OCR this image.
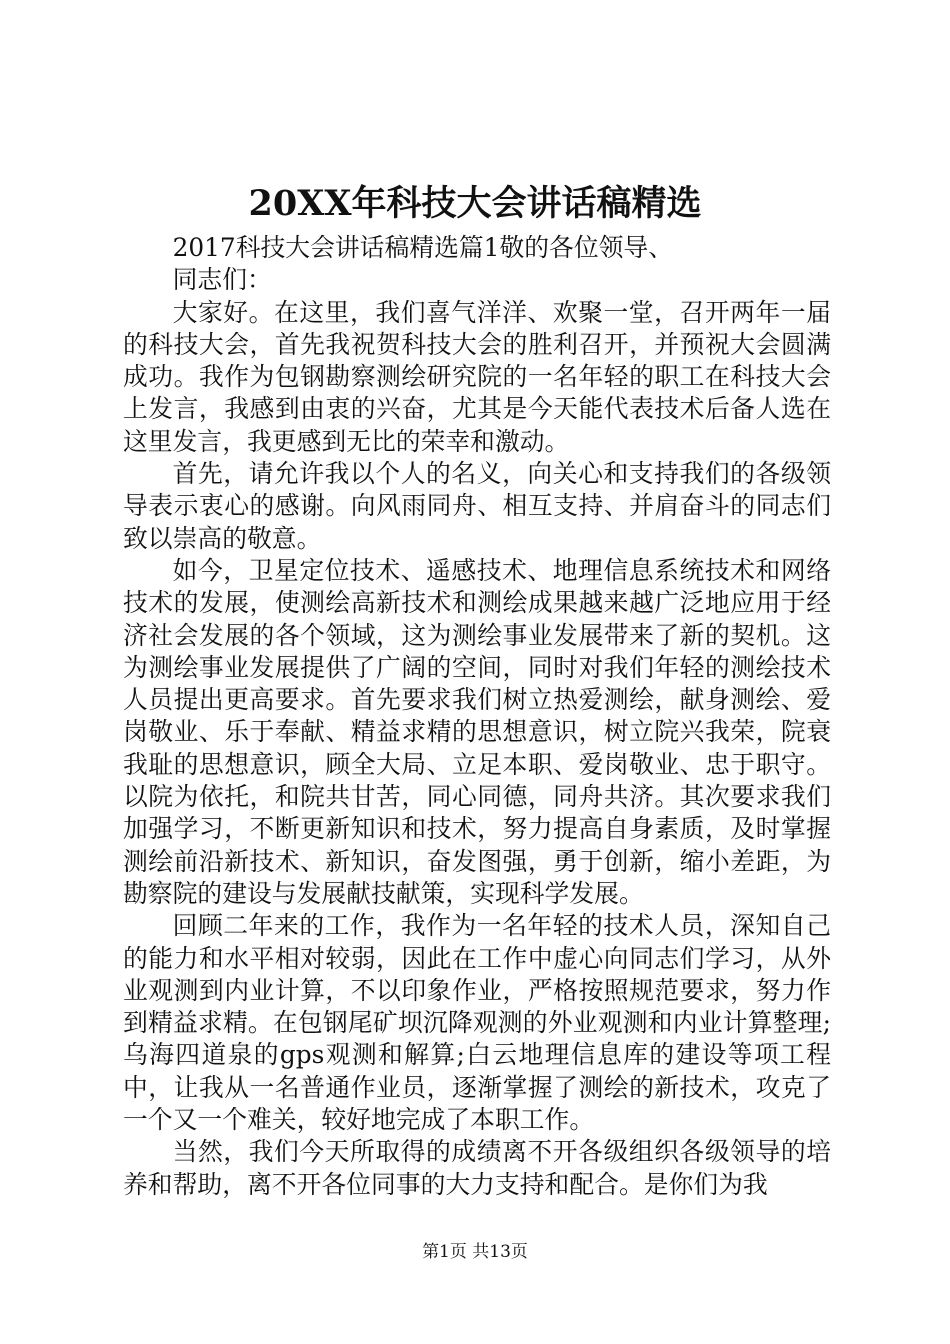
20XX年科技大会讲话稿精选

2017科技大会讲话稿精选篇1敬的各位领导、

同志们：

大家好。在这里，我们喜气洋洋、欢聚一堂，召开两年一届的科技大会，首先我祝贺科技大会的胜利召开，并预祝大会圆满成功。我作为包钢勘察测绘研究院的一名年轻的职工在科技大会上发言，我感到由衷的兴奋，尤其是今天能代表技术后备人选在这里发言，我更感到无比的荣幸和激动。

首先，请允许我以个人的名义，向关心和支持我们的各级领导表示衷心的感谢。向风雨同舟、相互支持、并肩奋斗的同志们致以崇高的敬意。

如今，卫星定位技术、遥感技术、地理信息系统技术和网络技术的发展，使测绘高新技术和测绘成果越来越广泛地应用于经济社会发展的各个领域，这为测绘事业发展带来了新的契机。这为测绘事业发展提供了广阔的空间，同时对我们年轻的测绘技术人员提出更高要求。首先要求我们树立热爱测绘，献身测绘、爱岗敬业、乐于奉献、精益求精的思想意识，树立院兴我荣，院衰我耻的思想意识，顾全大局、立足本职、爱岗敬业、忠于职守。以院为依托，和院共甘苦，同心同德，同舟共济。其次要求我们加强学习，不断更新知识和技术，努力提高自身素质，及时掌握测绘前沿新技术、新知识，奋发图强，勇于创新，缩小差距，为勘察院的建设与发展献技献策，实现科学发展。

回顾二年来的工作，我作为一名年轻的技术人员，深知自己的能力和水平相对较弱，因此在工作中虚心向同志们学习，从外业观测到内业计算，不以印象作业，严格按照规范要求，努力作到精益求精。在包钢尾矿坝沉降观测的外业观测和内业计算整理;乌海四道泉的gps观测和解算;白云地理信息库的建设等项工程中，让我从一名普通作业员，逐渐掌握了测绘的新技术，攻克了一个又一个难关，较好地完成了本职工作。

当然，我们今天所取得的成绩离不开各级组织各级领导的培养和帮助，离不开各位同事的大力支持和配合。是你们为我

第1页 共13页
